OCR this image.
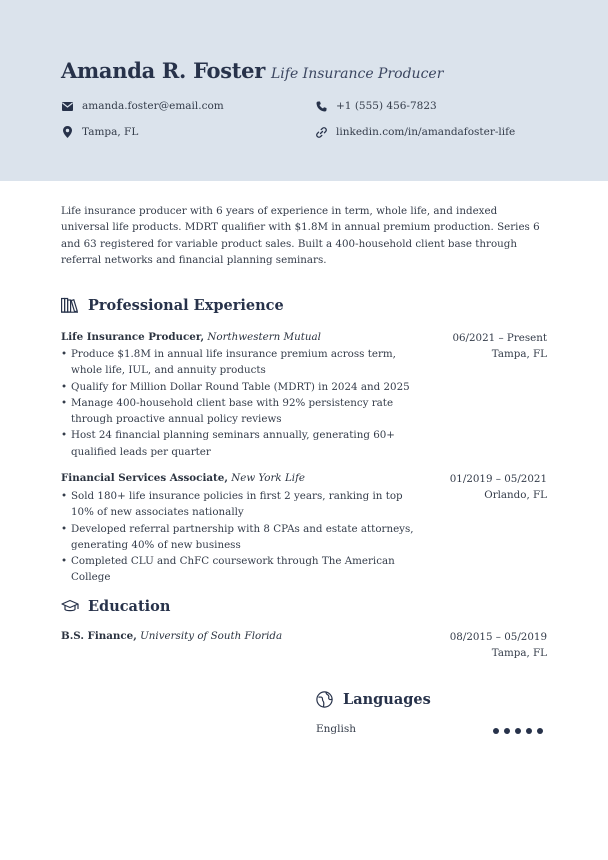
Amanda R. Foster Life Insurance Producer
amanda.foster@email.com	+1 (555) 456-7823
Tampa, FL	linkedin.com/in/amandafoster-life

Life insurance producer with 6 years of experience in term, whole life, and indexed universal life products. MDRT qualifier with $1.8M in annual premium production. Series 6 and 63 registered for variable product sales. Built a 400-household client base through referral networks and financial planning seminars.

Professional Experience
Life Insurance Producer, Northwestern Mutual	06/2021 – Present
Tampa, FL
• Produce $1.8M in annual life insurance premium across term, whole life, IUL, and annuity products
• Qualify for Million Dollar Round Table (MDRT) in 2024 and 2025
• Manage 400-household client base with 92% persistency rate through proactive annual policy reviews
• Host 24 financial planning seminars annually, generating 60+ qualified leads per quarter
Financial Services Associate, New York Life	01/2019 – 05/2021
Orlando, FL
• Sold 180+ life insurance policies in first 2 years, ranking in top 10% of new associates nationally
• Developed referral partnership with 8 CPAs and estate attorneys, generating 40% of new business
• Completed CLU and ChFC coursework through The American College
Education
B.S. Finance, University of South Florida	08/2015 – 05/2019
Tampa, FL
Languages
English
